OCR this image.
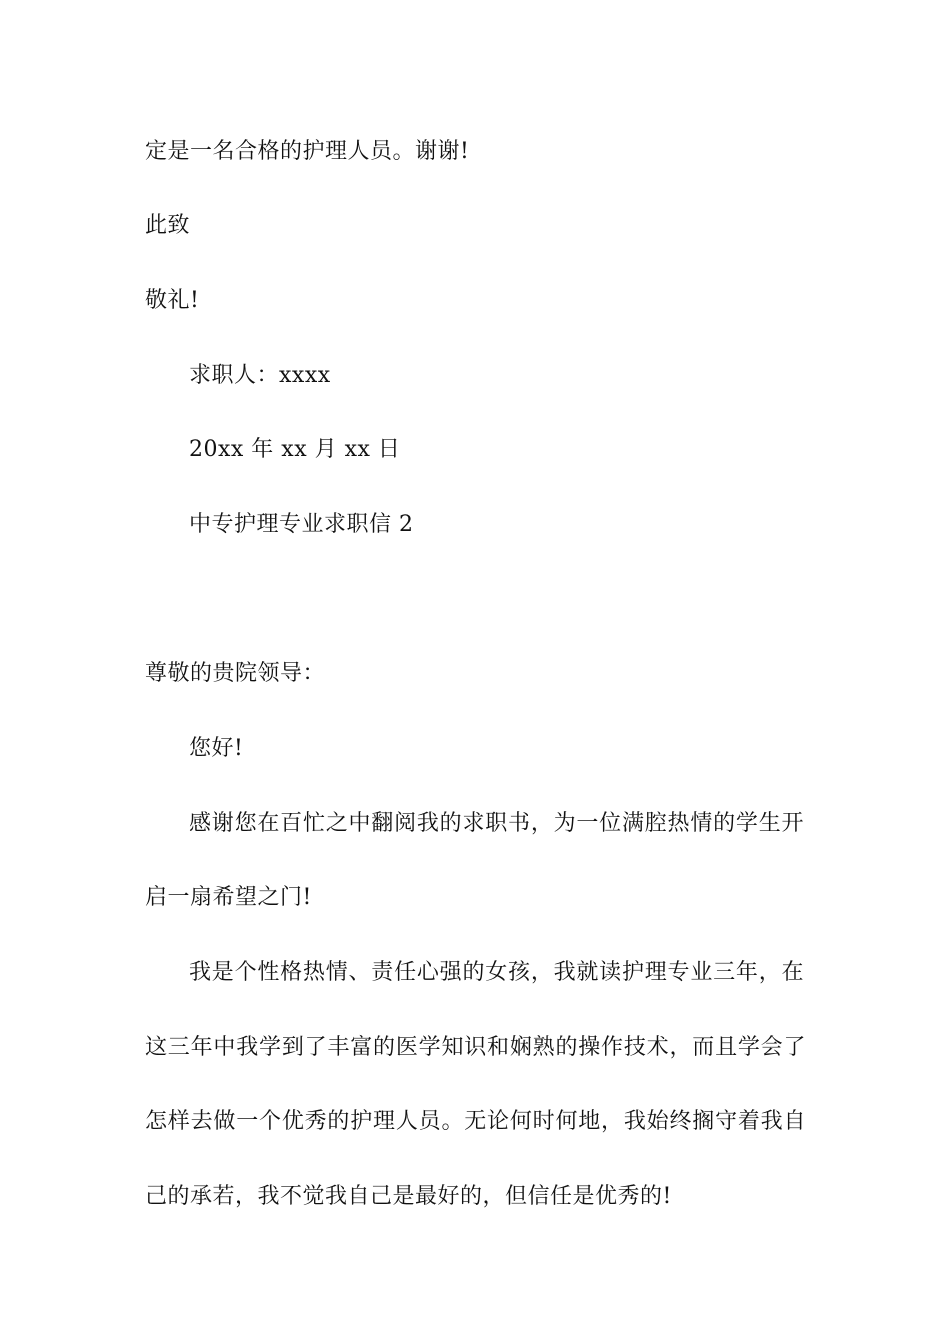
定是一名合格的护理人员。谢谢!
此致
敬礼!
求职人：xxxx
20xx 年 xx 月 xx 日
中专护理专业求职信 2
尊敬的贵院领导：
您好!
感谢您在百忙之中翻阅我的求职书，为一位满腔热情的学生开
启一扇希望之门!
我是个性格热情、责任心强的女孩，我就读护理专业三年，在
这三年中我学到了丰富的医学知识和娴熟的操作技术，而且学会了
怎样去做一个优秀的护理人员。无论何时何地，我始终搁守着我自
己的承若，我不觉我自己是最好的，但信任是优秀的!
